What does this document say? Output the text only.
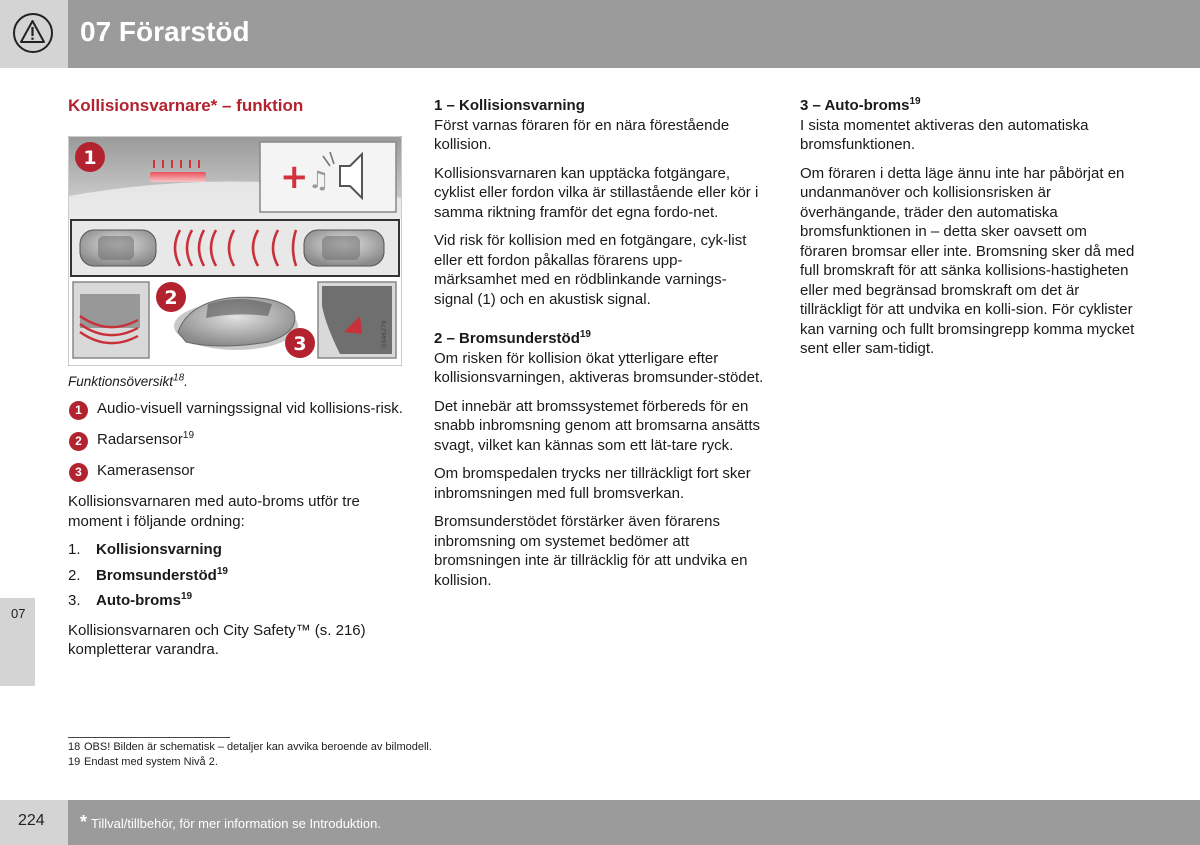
07 Förarstöd
07
Kollisionsvarnare* – funktion
+ ♫
G046279
1
2
3
Funktionsöversikt$^{18}$.
1	Audio-visuell varningssignal vid kollisions-risk.
2	Radarsensor$^{19}$
3	Kamerasensor

Kollisionsvarnaren med auto-broms utför tre moment i följande ordning:

1.	Kollisionsvarning
2.	Bromsunderstöd$^{19}$
3.	Auto-broms$^{19}$

Kollisionsvarnaren och City Safety™ (s. 216) kompletterar varandra.

1 – Kollisionsvarning

Först varnas föraren för en nära förestående kollision.

Kollisionsvarnaren kan upptäcka fotgängare, cyklist eller fordon vilka är stillastående eller kör i samma riktning framför det egna fordo-net.

Vid risk för kollision med en fotgängare, cyk-list eller ett fordon påkallas förarens upp-märksamhet med en rödblinkande varnings-signal (1) och en akustisk signal.

2 – Bromsunderstöd$^{19}$

Om risken för kollision ökat ytterligare efter kollisionsvarningen, aktiveras bromsunder-stödet.

Det innebär att bromssystemet förbereds för en snabb inbromsning genom att bromsarna ansätts svagt, vilket kan kännas som ett lät-tare ryck.

Om bromspedalen trycks ner tillräckligt fort sker inbromsningen med full bromsverkan.

Bromsunderstödet förstärker även förarens inbromsning om systemet bedömer att bromsningen inte är tillräcklig för att undvika en kollision.

3 – Auto-broms$^{19}$

I sista momentet aktiveras den automatiska bromsfunktionen.

Om föraren i detta läge ännu inte har påbörjat en undanmanöver och kollisionsrisken är överhängande, träder den automatiska bromsfunktionen in – detta sker oavsett om föraren bromsar eller inte. Bromsning sker då med full bromskraft för att sänka kollisions-hastigheten eller med begränsad bromskraft om det är tillräckligt för att undvika en kolli-sion. För cyklister kan varning och fullt bromsingrepp komma mycket sent eller sam-tidigt.

18 OBS! Bilden är schematisk – detaljer kan avvika beroende av bilmodell.
19 Endast med system Nivå 2.
224 * Tillval/tillbehör, för mer information se Introduktion.
